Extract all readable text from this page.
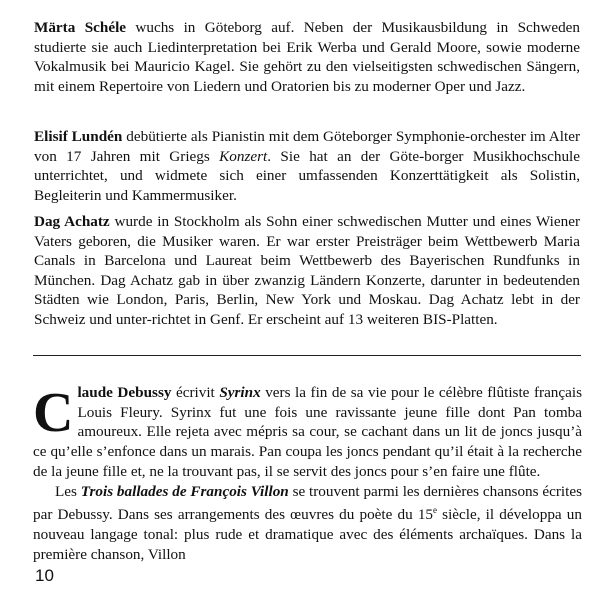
Märta Schéle wuchs in Göteborg auf. Neben der Musikausbildung in Schweden studierte sie auch Liedinterpretation bei Erik Werba und Gerald Moore, sowie moderne Vokalmusik bei Mauricio Kagel. Sie gehört zu den vielseitigsten schwedischen Sängern, mit einem Repertoire von Liedern und Oratorien bis zu moderner Oper und Jazz.

Elisif Lundén debütierte als Pianistin mit dem Göteborger Symphonie-orchester im Alter von 17 Jahren mit Griegs Konzert. Sie hat an der Göte-borger Musikhochschule unterrichtet, und widmete sich einer umfassenden Konzerttätigkeit als Solistin, Begleiterin und Kammermusiker.

Dag Achatz wurde in Stockholm als Sohn einer schwedischen Mutter und eines Wiener Vaters geboren, die Musiker waren. Er war erster Preisträger beim Wettbewerb Maria Canals in Barcelona und Laureat beim Wettbewerb des Bayerischen Rundfunks in München. Dag Achatz gab in über zwanzig Ländern Konzerte, darunter in bedeutenden Städten wie London, Paris, Berlin, New York und Moskau. Dag Achatz lebt in der Schweiz und unter-richtet in Genf. Er erscheint auf 13 weiteren BIS-Platten.

C laude Debussy écrivit Syrinx vers la fin de sa vie pour le célèbre flûtiste français Louis Fleury. Syrinx fut une fois une ravissante jeune fille dont Pan tomba amoureux. Elle rejeta avec mépris sa cour, se cachant dans un lit de joncs jusqu’à ce qu’elle s’enfonce dans un marais. Pan coupa les joncs pendant qu’il était à la recherche de la jeune fille et, ne la trouvant pas, il se servit des joncs pour s’en faire une flûte.

Les Trois ballades de François Villon se trouvent parmi les dernières chansons écrites par Debussy. Dans ses arrangements des œuvres du poète du 15e siècle, il développa un nouveau langage tonal: plus rude et dramatique avec des éléments archaïques. Dans la première chanson, Villon

10
